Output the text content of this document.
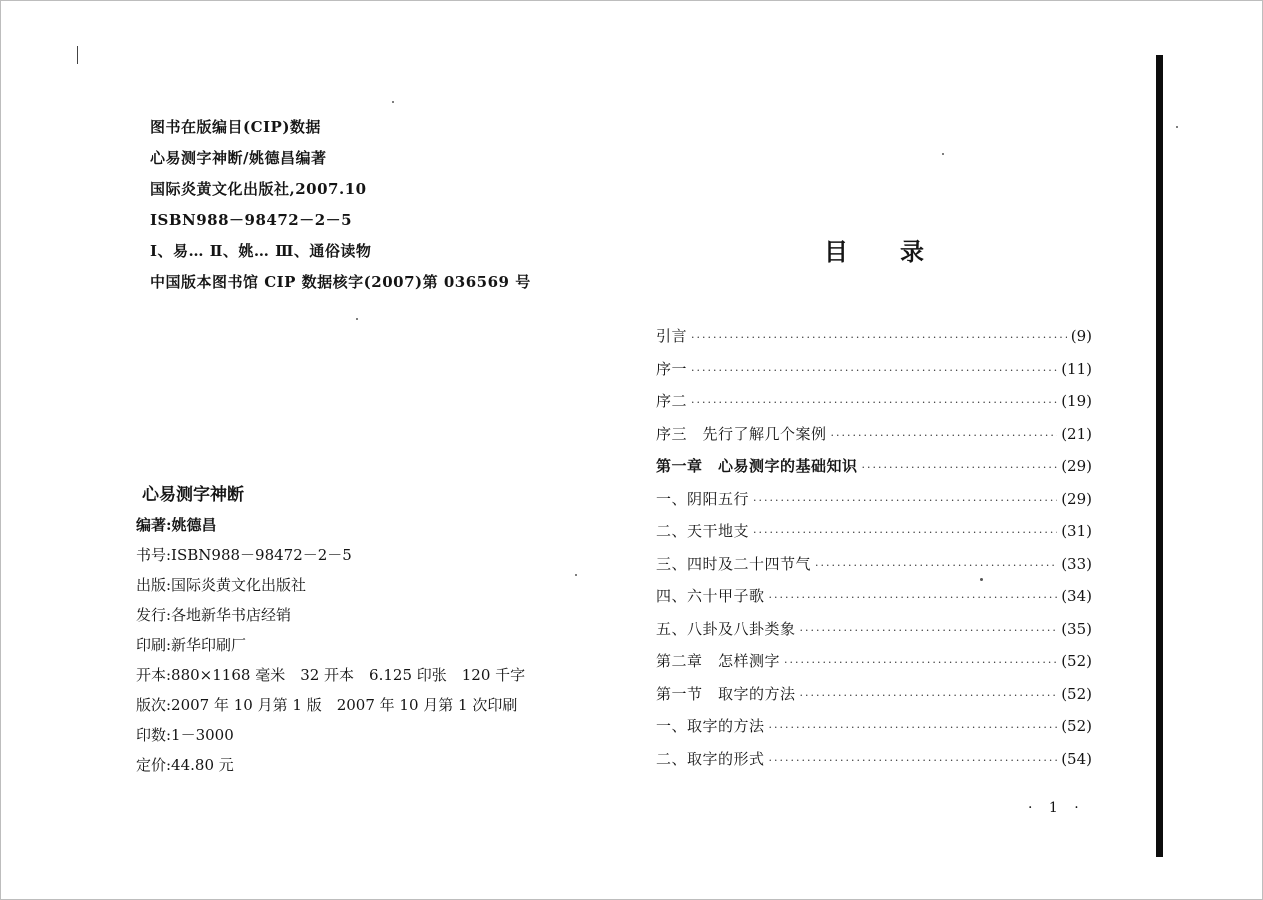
图书在版编目(CIP)数据
心易测字神断/姚德昌编著
国际炎黄文化出版社,2007.10
ISBN988－98472－2－5
Ⅰ、易… Ⅱ、姚… Ⅲ、通俗读物
中国版本图书馆 CIP 数据核字(2007)第 036569 号
心易测字神断
编著:姚德昌
书号:ISBN988－98472－2－5
出版:国际炎黄文化出版社
发行:各地新华书店经销
印刷:新华印刷厂
开本:880×1168 毫米　32 开本　6.125 印张　120 千字
版次:2007 年 10 月第 1 版　2007 年 10 月第 1 次印刷
印数:1－3000
定价:44.80 元
目录
引言 ·····	(9)
序一 ·····	(11)
序二 ·····	(19)
序三　先行了解几个案例 ·····	(21)
第一章　心易测字的基础知识 ·····	(29)
一、阴阳五行 ·····	(29)
二、天干地支 ·····	(31)
三、四时及二十四节气 ·····	(33)
四、六十甲子歌 ·····	(34)
五、八卦及八卦类象 ·····	(35)
第二章　怎样测字 ·····	(52)
第一节　取字的方法 ·····	(52)
一、取字的方法 ·····	(52)
二、取字的形式 ·····	(54)
· 1 ·
